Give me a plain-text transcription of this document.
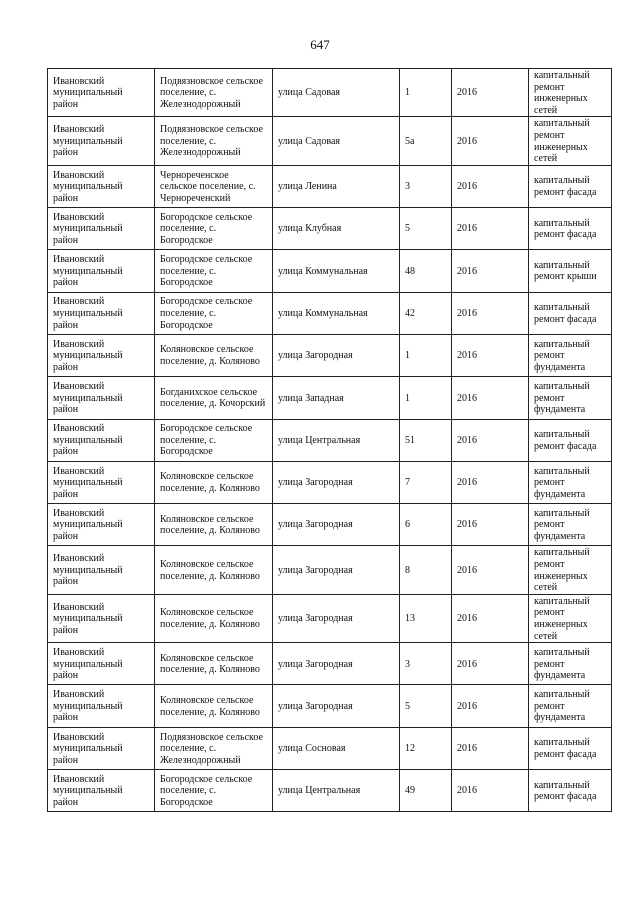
647
Ивановский муниципальный район	Подвязновское сельское поселение, с. Железнодорожный	улица Садовая	1	2016	капитальный ремонт инженерных сетей
Ивановский муниципальный район	Подвязновское сельское поселение, с. Железнодорожный	улица Садовая	5а	2016	капитальный ремонт инженерных сетей
Ивановский муниципальный район	Чернореченское сельское поселение, с. Чернореченский	улица Ленина	3	2016	капитальный ремонт фасада
Ивановский муниципальный район	Богородское сельское поселение, с. Богородское	улица Клубная	5	2016	капитальный ремонт фасада
Ивановский муниципальный район	Богородское сельское поселение, с. Богородское	улица Коммунальная	48	2016	капитальный ремонт крыши
Ивановский муниципальный район	Богородское сельское поселение, с. Богородское	улица Коммунальная	42	2016	капитальный ремонт фасада
Ивановский муниципальный район	Коляновское сельское поселение, д. Коляново	улица Загородная	1	2016	капитальный ремонт фундамента
Ивановский муниципальный район	Богданихское сельское поселение, д. Кочорский	улица Западная	1	2016	капитальный ремонт фундамента
Ивановский муниципальный район	Богородское сельское поселение, с. Богородское	улица Центральная	51	2016	капитальный ремонт фасада
Ивановский муниципальный район	Коляновское сельское поселение, д. Коляново	улица Загородная	7	2016	капитальный ремонт фундамента
Ивановский муниципальный район	Коляновское сельское поселение, д. Коляново	улица Загородная	6	2016	капитальный ремонт фундамента
Ивановский муниципальный район	Коляновское сельское поселение, д. Коляново	улица Загородная	8	2016	капитальный ремонт инженерных сетей
Ивановский муниципальный район	Коляновское сельское поселение, д. Коляново	улица Загородная	13	2016	капитальный ремонт инженерных сетей
Ивановский муниципальный район	Коляновское сельское поселение, д. Коляново	улица Загородная	3	2016	капитальный ремонт фундамента
Ивановский муниципальный район	Коляновское сельское поселение, д. Коляново	улица Загородная	5	2016	капитальный ремонт фундамента
Ивановский муниципальный район	Подвязновское сельское поселение, с. Железнодорожный	улица Сосновая	12	2016	капитальный ремонт фасада
Ивановский муниципальный район	Богородское сельское поселение, с. Богородское	улица Центральная	49	2016	капитальный ремонт фасада
